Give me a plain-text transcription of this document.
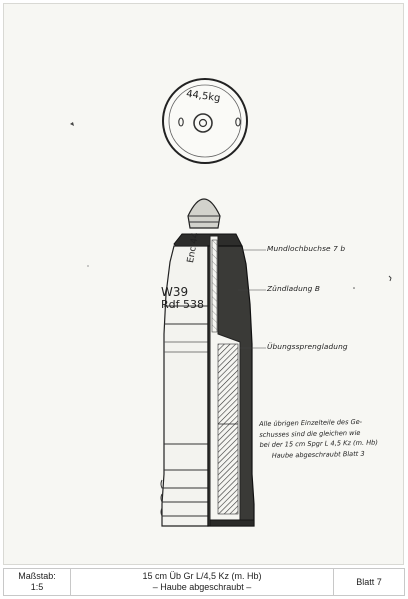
44,5kg
Enc 44
W39
Rdf 538
Mundlochbuchse 7 b
Zündladung B
Übungssprengladung
Alle übrigen Einzelteile des Ge-
schusses sind die gleichen wie
bei der 15 cm Spgr L 4,5 Kz (m. Hb)
Haube abgeschraubt Blatt 3
Maßstab:
1:5
15 cm Üb Gr L/4,5 Kz (m. Hb)
– Haube abgeschraubt –
Blatt 7
